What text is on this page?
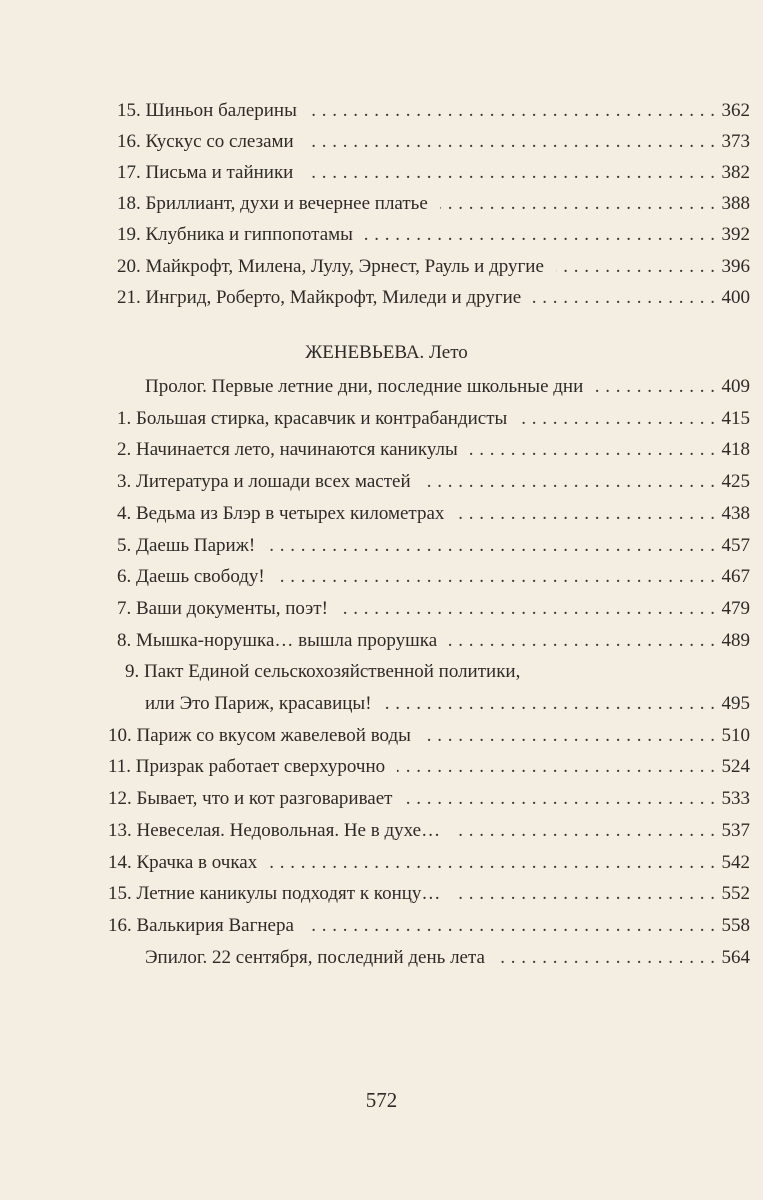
15. Шиньон балерины	362
. . .
16. Кускус со слезами	373
. . .
17. Письма и тайники	382
. . .
18. Бриллиант, духи и вечернее платье	388
. . .
19. Клубника и гиппопотамы	392
. . .
20. Майкрофт, Милена, Лулу, Эрнест, Рауль и другие	396
. . .
21. Ингрид, Роберто, Майкрофт, Миледи и другие	400
. . .
Пролог. Первые летние дни, последние школьные дни	409
. . .
1. Большая стирка, красавчик и контрабандисты	415
. . .
2. Начинается лето, начинаются каникулы	418
. . .
3. Литература и лошади всех мастей	425
. . .
4. Ведьма из Блэр в четырех километрах	438
. . .
5. Даешь Париж!	457
. . .
6. Даешь свободу!	467
. . .
7. Ваши документы, поэт!	479
. . .
8. Мышка-норушка… вышла прорушка	489
. . .
9. Пакт Единой сельскохозяйственной политики,
или Это Париж, красавицы!	495
. . .
10. Париж со вкусом жавелевой воды	510
. . .
11. Призрак работает сверхурочно	524
. . .
12. Бывает, что и кот разговаривает	533
. . .
13. Невеселая. Недовольная. Не в духе…	537
. . .
14. Крачка в очках	542
. . .
15. Летние каникулы подходят к концу…	552
. . .
16. Валькирия Вагнера	558
. . .
Эпилог. 22 сентября, последний день лета	564
. . .
ЖЕНЕВЬЕВА. Лето
572
